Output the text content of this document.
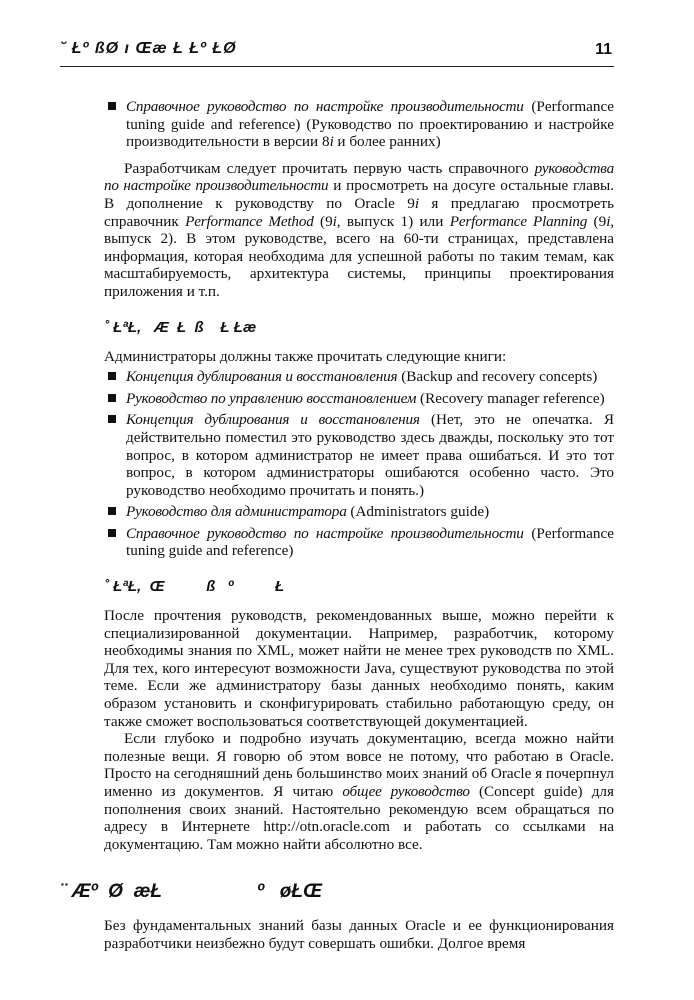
˘ Łº ßØ ı Œæ Ł Łº ŁØ	11
Справочное руководство по настройке производительности (Performance tuning guide and reference) (Руководство по проектированию и настройке производительности в версии 8i и более ранних)

Разработчикам следует прочитать первую часть справочного руководства по настройке производительности и просмотреть на досуге остальные главы. В дополнение к руководству по Oracle 9i я предлагаю просмотреть справочник Performance Method (9i, выпуск 1) или Performance Planning (9i, выпуск 2). В этом руководстве, всего на 60-ти страницах, представлена информация, которая необходима для успешной работы по таким темам, как масштабируемость, архитектура системы, принципы проектирования приложения и т.п.

˚ ŁªŁ,   Æ  Ł  ß    Ł Łæ

Администраторы должны также прочитать следующие книги:

Концепция дублирования и восстановления (Backup and recovery concepts)
Руководство по управлению восстановлением (Recovery manager reference)
Концепция дублирования и восстановления (Нет, это не опечатка. Я действительно поместил это руководство здесь дважды, поскольку это тот вопрос, в котором администратор не имеет права ошибаться. И это тот вопрос, в котором администраторы ошибаются особенно часто. Это руководство необходимо прочитать и понять.)
Руководство для администратора (Administrators guide)
Справочное руководство по настройке производительности (Performance tuning guide and reference)
˚ ŁªŁ,  Œ          ß   º          Ł

После прочтения руководств, рекомендованных выше, можно перейти к специализированной документации. Например, разработчик, которому необходимы знания по XML, может найти не менее трех руководств по XML. Для тех, кого интересуют возможности Java, существуют руководства по этой теме. Если же администратору базы данных необходимо понять, каким образом установить и сконфигурировать стабильно работающую среду, он также сможет воспользоваться соответствующей документацией.

Если глубоко и подробно изучать документацию, всегда можно найти полезные вещи. Я говорю об этом вовсе не потому, что работаю в Oracle. Просто на сегодняшний день большинство моих знаний об Oracle я почерпнул именно из документов. Я читаю общее руководство (Concept guide) для пополнения своих знаний. Настоятельно рекомендую всем обращаться по адресу в Интернете http://otn.oracle.com и работать со ссылками на документацию. Там можно найти абсолютно все.

¨ Æº  Ø  æŁ                  º   øŁŒ

Без фундаментальных знаний базы данных Oracle и ее функционирования разработчики неизбежно будут совершать ошибки. Долгое время
